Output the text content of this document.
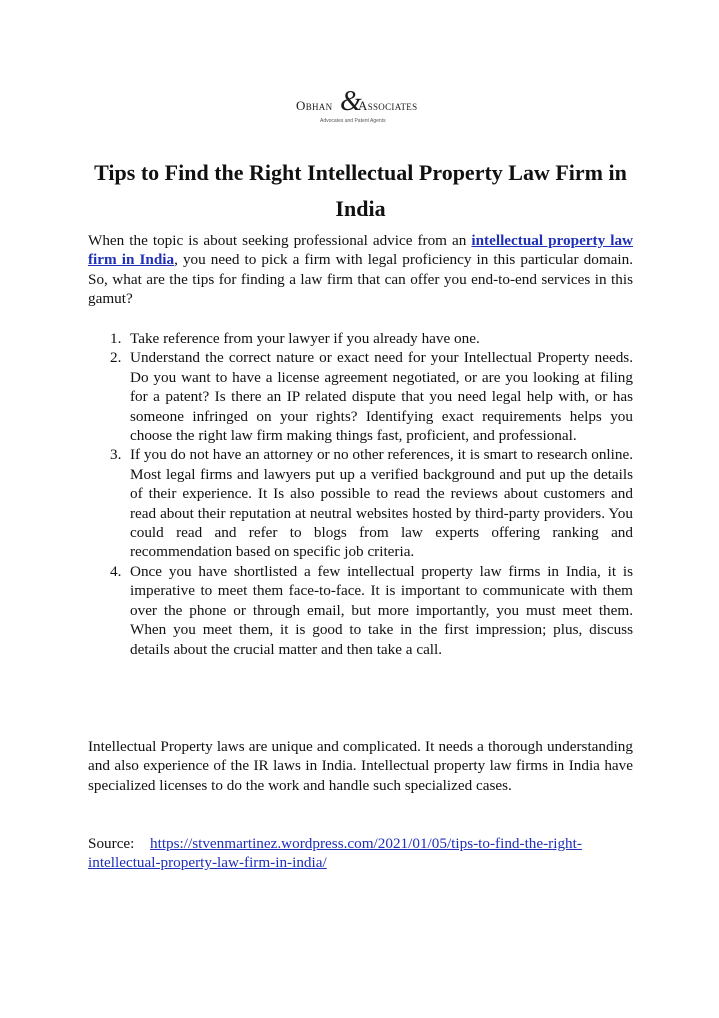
Obhan &
Associates
Advocates and Patent Agents
Tips to Find the Right Intellectual Property Law Firm in India

When the topic is about seeking professional advice from an intellectual property law firm in India, you need to pick a firm with legal proficiency in this particular domain. So, what are the tips for finding a law firm that can offer you end-to-end services in this gamut?

1. Take reference from your lawyer if you already have one.
2. Understand the correct nature or exact need for your Intellectual Property needs. Do you want to have a license agreement negotiated, or are you looking at filing for a patent? Is there an IP related dispute that you need legal help with, or has someone infringed on your rights? Identifying exact requirements helps you choose the right law firm making things fast, proficient, and professional.
3. If you do not have an attorney or no other references, it is smart to research online. Most legal firms and lawyers put up a verified background and put up the details of their experience. It Is also possible to read the reviews about customers and read about their reputation at neutral websites hosted by third-party providers. You could read and refer to blogs from law experts offering ranking and recommendation based on specific job criteria.
4. Once you have shortlisted a few intellectual property law firms in India, it is imperative to meet them face-to-face. It is important to communicate with them over the phone or through email, but more importantly, you must meet them. When you meet them, it is good to take in the first impression; plus, discuss details about the crucial matter and then take a call.

Intellectual Property laws are unique and complicated. It needs a thorough understanding and also experience of the IR laws in India. Intellectual property law firms in India have specialized licenses to do the work and handle such specialized cases.

Source: https://stvenmartinez.wordpress.com/2021/01/05/tips-to-find-the-right-intellectual-property-law-firm-in-india/
